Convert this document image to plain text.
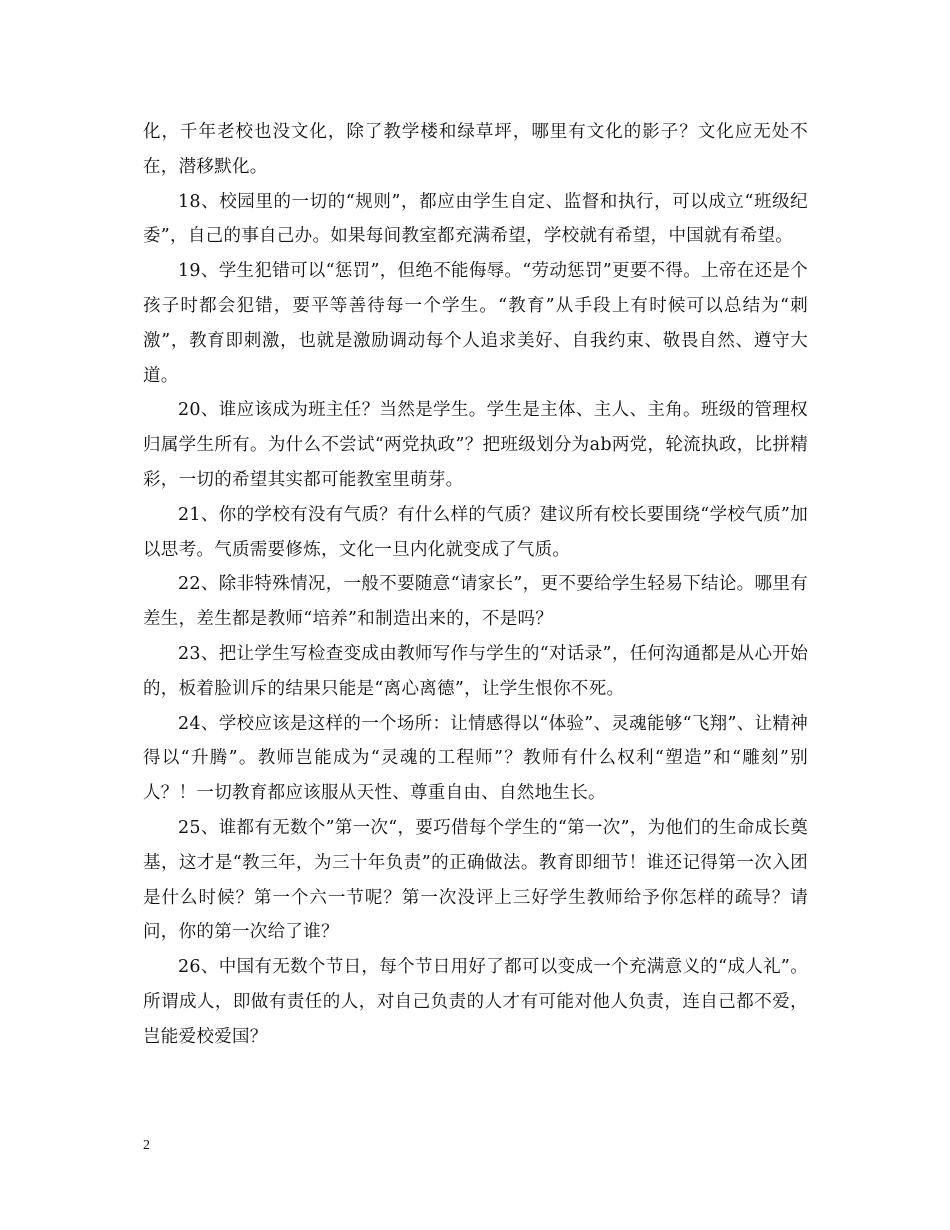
化，千年老校也没文化，除了教学楼和绿草坪，哪里有文化的影子？文化应无处不在，潜移默化。

18、校园里的一切的“规则”，都应由学生自定、监督和执行，可以成立“班级纪委”，自己的事自己办。如果每间教室都充满希望，学校就有希望，中国就有希望。

19、学生犯错可以“惩罚”，但绝不能侮辱。“劳动惩罚”更要不得。上帝在还是个孩子时都会犯错，要平等善待每一个学生。“教育”从手段上有时候可以总结为“刺激”，教育即刺激，也就是激励调动每个人追求美好、自我约束、敬畏自然、遵守大道。

20、谁应该成为班主任？当然是学生。学生是主体、主人、主角。班级的管理权归属学生所有。为什么不尝试“两党执政”？把班级划分为ab两党，轮流执政，比拼精彩，一切的希望其实都可能教室里萌芽。

21、你的学校有没有气质？有什么样的气质？建议所有校长要围绕“学校气质”加以思考。气质需要修炼，文化一旦内化就变成了气质。

22、除非特殊情况，一般不要随意“请家长”，更不要给学生轻易下结论。哪里有差生，差生都是教师“培养”和制造出来的，不是吗？

23、把让学生写检查变成由教师写作与学生的“对话录”，任何沟通都是从心开始的，板着脸训斥的结果只能是“离心离德”，让学生恨你不死。

24、学校应该是这样的一个场所：让情感得以“体验”、灵魂能够“飞翔”、让精神得以“升腾”。教师岂能成为“灵魂的工程师”？教师有什么权利“塑造”和“雕刻”别人？！一切教育都应该服从天性、尊重自由、自然地生长。

25、谁都有无数个”第一次“，要巧借每个学生的“第一次”，为他们的生命成长奠基，这才是“教三年，为三十年负责”的正确做法。教育即细节！谁还记得第一次入团是什么时候？第一个六一节呢？第一次没评上三好学生教师给予你怎样的疏导？请问，你的第一次给了谁？

26、中国有无数个节日，每个节日用好了都可以变成一个充满意义的“成人礼”。所谓成人，即做有责任的人，对自己负责的人才有可能对他人负责，连自己都不爱，岂能爱校爱国？

2
